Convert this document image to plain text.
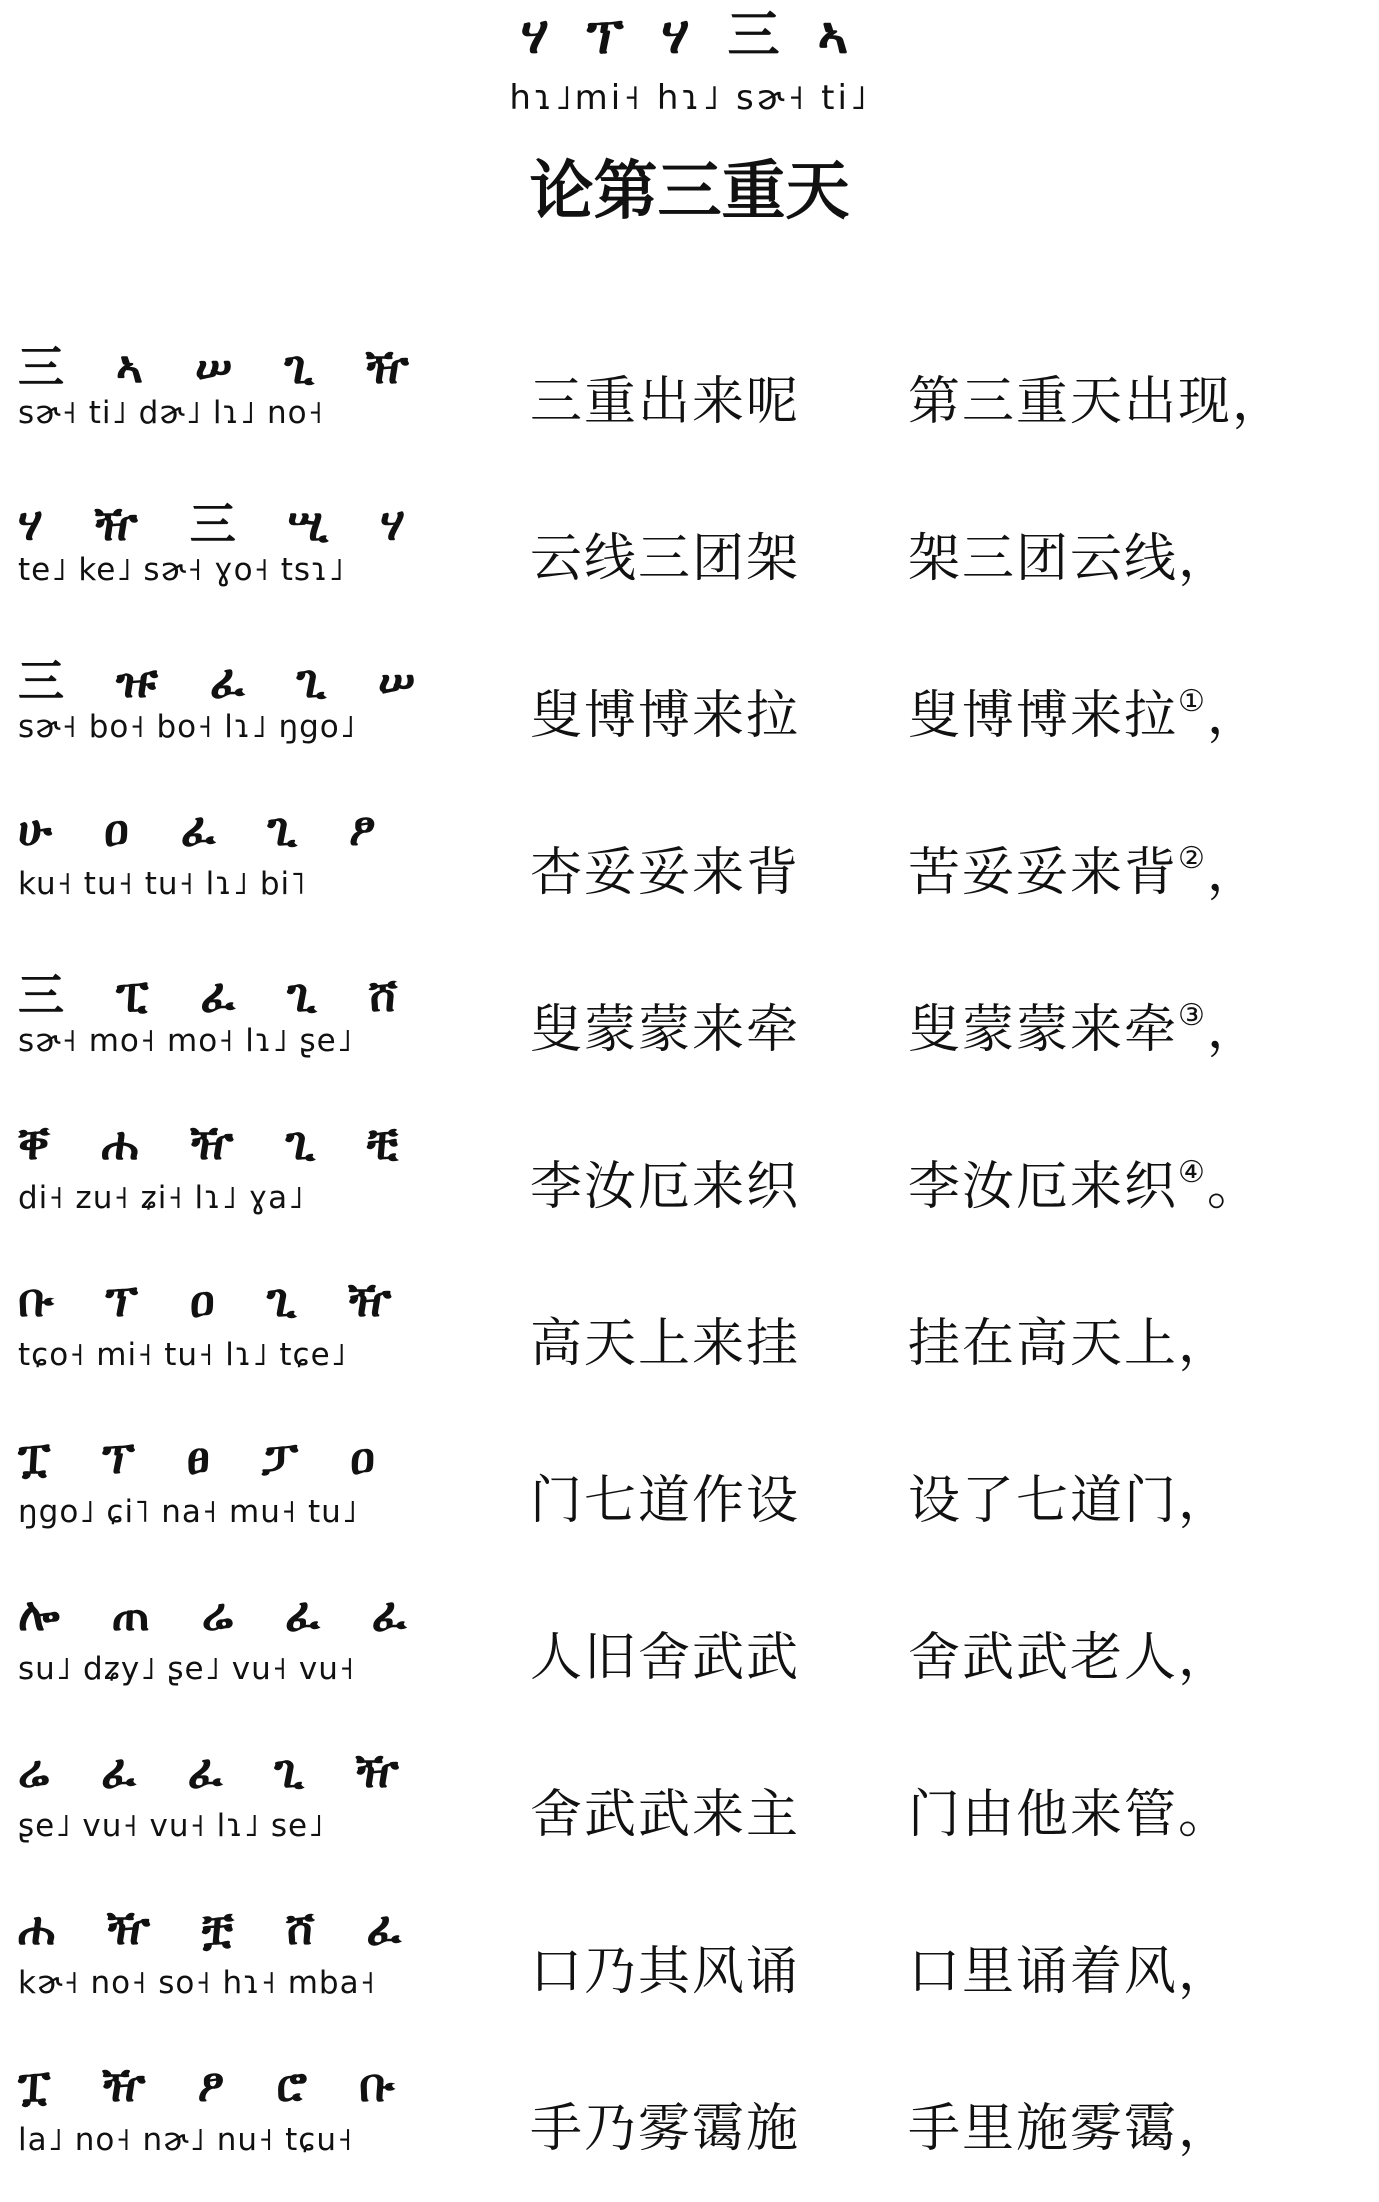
ሃ ፕ ሃ 三 ኣ
hɿ˩mi˧ hɿ˩ sɚ˧ ti˩
论第三重天
三 ኣ ሠ ጊ ዥ
sɚ˧ ti˩ dɚ˩ lɿ˩ no˧	三重出来呢 第三重天出现，
ሃ ዥ 三 ሢ ሃ
te˩ ke˩ sɚ˧ ɣo˧ tsɿ˩	云线三团架 架三团云线，
三 ዡ ፈ ጊ ሠ
sɚ˧ bo˧ bo˧ lɿ˩ ŋgo˩	叟博博来拉 叟博博来拉①，
ሁ ዐ ፈ ጊ ፆ
ku˧ tu˧ tu˧ lɿ˩ bi˥	杏妥妥来背 苦妥妥来背②，
三 ፒ ፈ ጊ ሸ
sɚ˧ mo˧ mo˧ lɿ˩ ʂe˩	叟蒙蒙来牵 叟蒙蒙来牵③，
ቐ ሐ ዥ ጊ ቺ
di˧ zu˧ ʑi˧ lɿ˩ ɣa˩	李汝厄来织 李汝厄来织④。
ቡ ፕ ዐ ጊ ዥ
tɕo˧ mi˧ tu˧ lɿ˩ tɕe˩	高天上来挂 挂在高天上，
ፗ ፕ ፀ ፓ ዐ
ŋgo˩ ɕi˥ na˧ mu˧ tu˩	门七道作设 设了七道门，
ሎ ጠ ሬ ፈ ፈ
su˩ dʑy˩ ʂe˩ vu˧ vu˧	人旧舍武武 舍武武老人，
ሬ ፈ ፈ ጊ ዥ
ʂe˩ vu˧ vu˧ lɿ˩ se˩	舍武武来主 门由他来管。
ሐ ዥ ቿ ሸ ፈ
kɚ˧ no˧ so˧ hɿ˧ mba˧	口乃其风诵 口里诵着风，
ፗ ዥ ፆ ሮ ቡ
la˩ no˧ nɚ˩ nu˧ tɕu˧	手乃雾霭施 手里施雾霭，
